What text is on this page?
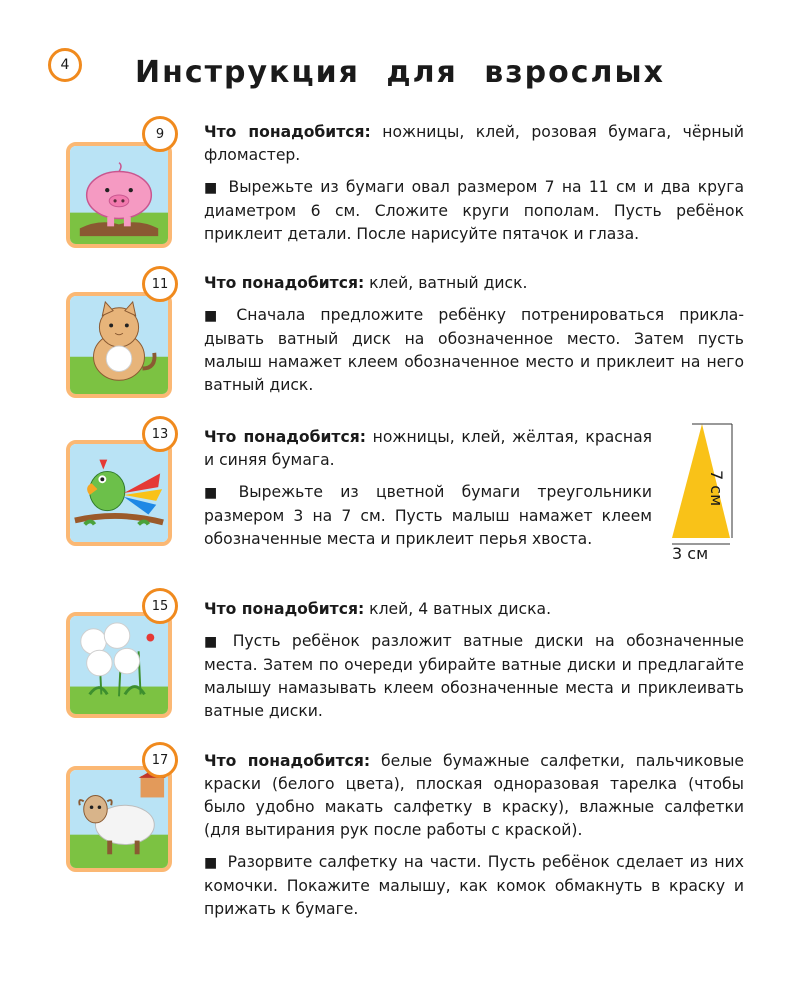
4	Инструкция для взрослых
9	Что понадобится: ножницы, клей, розовая бумага, чёрный фломастер.

■ Вырежьте из бумаги овал размером 7 на 11 см и два круга диаметром 6 см. Сложите круги пополам. Пусть ребёнок приклеит детали. После нарисуйте пятачок и глаза.

11	Что понадобится: клей, ватный диск.

■ Сначала предложите ребёнку потренироваться прикладывать ватный диск на обозначенное место. Затем пусть малыш намажет клеем обозначенное место и приклеит на него ватный диск.

13	Что понадобится: ножницы, клей, жёлтая, красная и синяя бумага.

■ Вырежьте из цветной бумаги треугольники размером 3 на 7 см. Пусть малыш намажет клеем обозначенные места и приклеит перья хвоста.

7 см
3 см
15	Что понадобится: клей, 4 ватных диска.

■ Пусть ребёнок разложит ватные диски на обозначенные места. Затем по очереди убирайте ватные диски и предлагайте малышу намазывать клеем обозначенные места и приклеивать ватные диски.

17	Что понадобится: белые бумажные салфетки, пальчиковые краски (белого цвета), плоская одноразовая тарелка (чтобы было удобно макать салфетку в краску), влажные салфетки (для вытирания рук после работы с краской).

■ Разорвите салфетку на части. Пусть ребёнок сделает из них комочки. Покажите малышу, как комок обмакнуть в краску и прижать к бумаге.
